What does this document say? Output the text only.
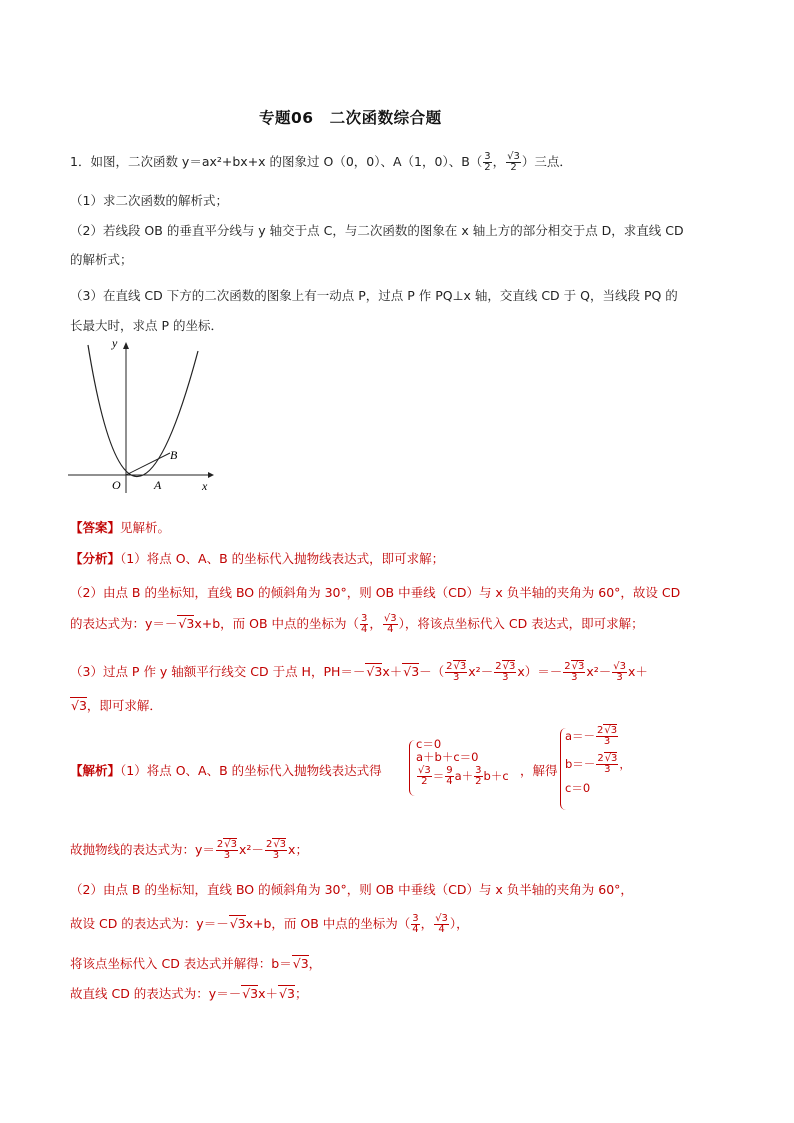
专题06　二次函数综合题
1．如图，二次函数 y＝ax²+bx+x 的图象过 O（0，0）、A（1，0）、$B( \frac{3}{2}$ ， $\frac{√3}{2}$ ）三点．
（1）求二次函数的解析式；
（2）若线段 OB 的垂直平分线与 y 轴交于点 C，与二次函数的图象在 x 轴上方的部分相交于点 D，求直线 CD
的解析式；
（3）在直线 CD 下方的二次函数的图象上有一动点 P，过点 P 作 PQ⊥x 轴，交直线 CD 于 Q，当线段 PQ 的
长最大时，求点 P 的坐标．
y
x
O	A
B
【答案】见解析。
【分析】（1）将点 O、A、B 的坐标代入抛物线表达式，即可求解；
（2）由点 B 的坐标知，直线 BO 的倾斜角为 30°，则 OB 中垂线（CD）与 x 负半轴的夹角为 60°，故设 CD
的表达式为：y＝－√3x+b，而 OB 中点的坐标为（ $\frac{3}{4}$ ， $\frac{√3}{4}$ ），将该点坐标代入 CD 表达式，即可求解；
（3）过点 P 作 y 轴额平行线交 CD 于点 H，$PH=-√3x+√3-( \frac{2√3}{3} x^2- \frac{2√3}{3} x)=- \frac{2√3}{3} x^2- \frac{√3}{3} x+$
√3，即可求解．
【解析】（1）将点 O、A、B 的坐标代入抛物线表达式得
c＝0
a＋b＋c＝0
$\frac{√3}{2} = \frac{9}{4} a+ \frac{3}{2} b+c$ ，解得
$a=- \frac{2√3}{3}$
$b=- \frac{2√3}{3}$ ，
c＝0
故抛物线的表达式为：$y= \frac{2√3}{3} x^2- \frac{2√3}{3}$ x；
（2）由点 B 的坐标知，直线 BO 的倾斜角为 30°，则 OB 中垂线（CD）与 x 负半轴的夹角为 60°，
故设 CD 的表达式为：y＝－√3x+b，而 OB 中点的坐标为（ $\frac{3}{4}$ ， $\frac{√3}{4}$ ），
将该点坐标代入 CD 表达式并解得：b＝√3，
故直线 CD 的表达式为：y＝－√3x＋√3；
